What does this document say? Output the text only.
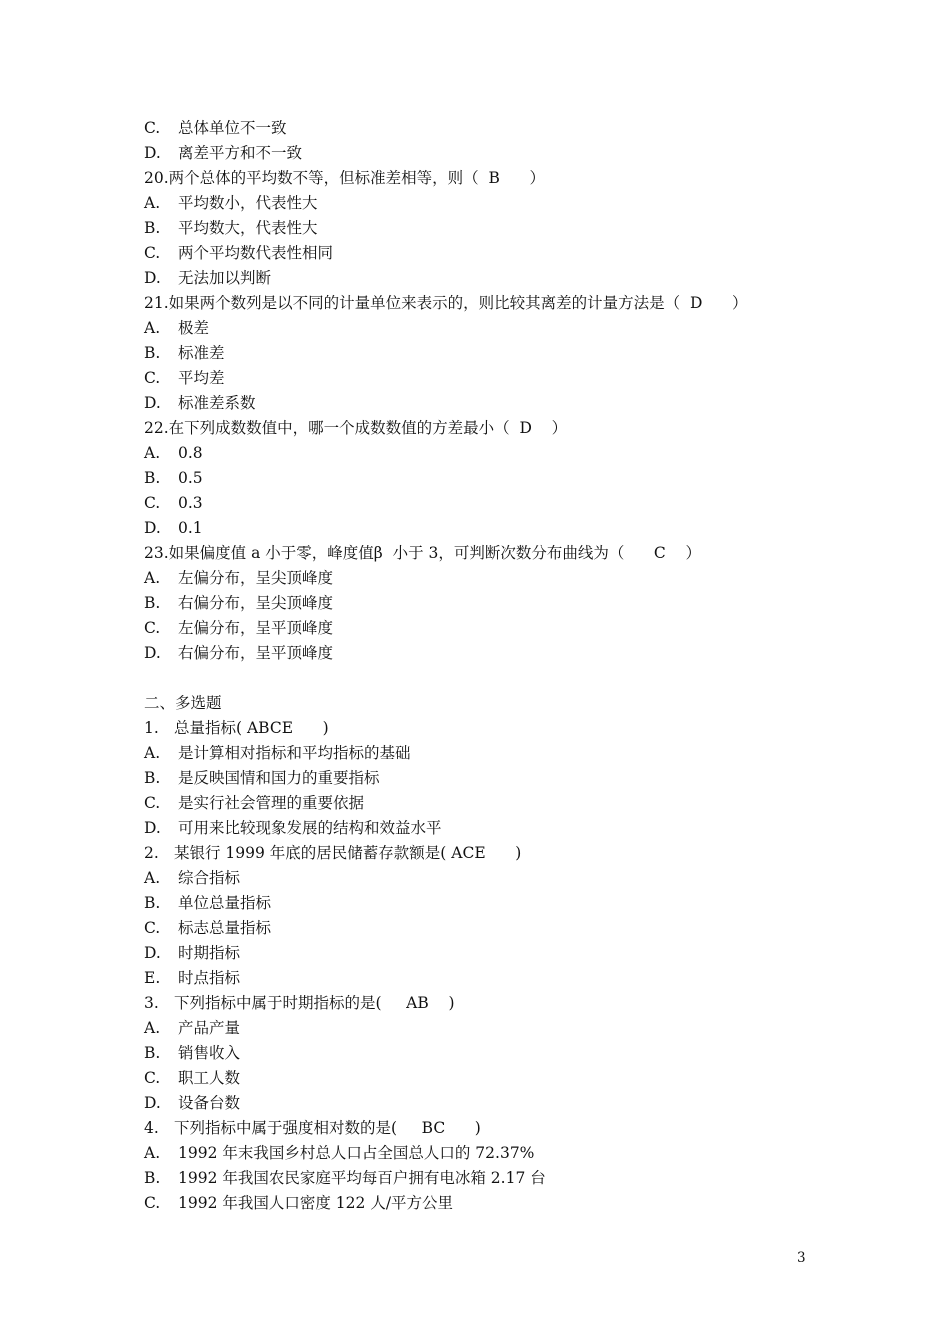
C. 总体单位不一致
D. 离差平方和不一致
20.两个总体的平均数不等，但标准差相等，则（  B      ）
A. 平均数小，代表性大
B. 平均数大，代表性大
C. 两个平均数代表性相同
D. 无法加以判断
21.如果两个数列是以不同的计量单位来表示的，则比较其离差的计量方法是（  D      ）
A. 极差
B. 标准差
C. 平均差
D. 标准差系数
22.在下列成数数值中，哪一个成数数值的方差最小（  D    ）
A. 0.8
B. 0.5
C. 0.3
D. 0.1
23.如果偏度值 a 小于零，峰度值β  小于 3，可判断次数分布曲线为（      C    ）
A. 左偏分布，呈尖顶峰度
B. 右偏分布，呈尖顶峰度
C. 左偏分布，呈平顶峰度
D. 右偏分布，呈平顶峰度
二、多选题
1. 总量指标( ABCE      )
A. 是计算相对指标和平均指标的基础
B. 是反映国情和国力的重要指标
C. 是实行社会管理的重要依据
D. 可用来比较现象发展的结构和效益水平
2. 某银行 1999 年底的居民储蓄存款额是( ACE      )
A. 综合指标
B. 单位总量指标
C. 标志总量指标
D. 时期指标
E. 时点指标
3. 下列指标中属于时期指标的是(     AB    )
A. 产品产量
B. 销售收入
C. 职工人数
D. 设备台数
4. 下列指标中属于强度相对数的是(     BC      )
A. 1992 年末我国乡村总人口占全国总人口的 72.37%
B. 1992 年我国农民家庭平均每百户拥有电冰箱 2.17 台
C. 1992 年我国人口密度 122 人/平方公里
3
